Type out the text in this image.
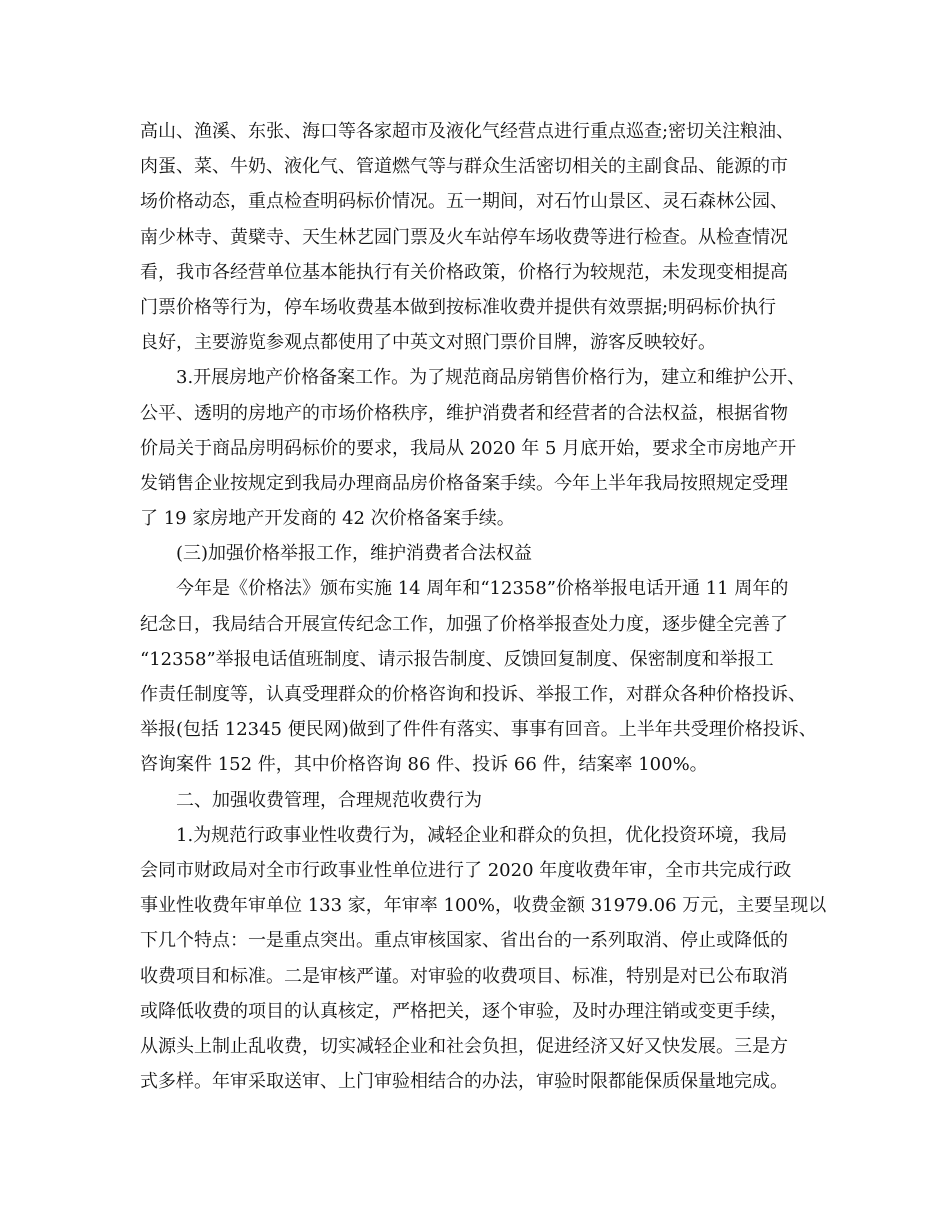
高山、渔溪、东张、海口等各家超市及液化气经营点进行重点巡查;密切关注粮油、
肉蛋、菜、牛奶、液化气、管道燃气等与群众生活密切相关的主副食品、能源的市
场价格动态，重点检查明码标价情况。五一期间，对石竹山景区、灵石森林公园、
南少林寺、黄檗寺、天生林艺园门票及火车站停车场收费等进行检查。从检查情况
看，我市各经营单位基本能执行有关价格政策，价格行为较规范，未发现变相提高
门票价格等行为，停车场收费基本做到按标准收费并提供有效票据;明码标价执行
良好，主要游览参观点都使用了中英文对照门票价目牌，游客反映较好。
3.开展房地产价格备案工作。为了规范商品房销售价格行为，建立和维护公开、
公平、透明的房地产的市场价格秩序，维护消费者和经营者的合法权益，根据省物
价局关于商品房明码标价的要求，我局从 2020 年 5 月底开始，要求全市房地产开
发销售企业按规定到我局办理商品房价格备案手续。今年上半年我局按照规定受理
了 19 家房地产开发商的 42 次价格备案手续。
(三)加强价格举报工作，维护消费者合法权益
今年是《价格法》颁布实施 14 周年和“12358”价格举报电话开通 11 周年的
纪念日，我局结合开展宣传纪念工作，加强了价格举报查处力度，逐步健全完善了
“12358”举报电话值班制度、请示报告制度、反馈回复制度、保密制度和举报工
作责任制度等，认真受理群众的价格咨询和投诉、举报工作，对群众各种价格投诉、
举报(包括 12345 便民网)做到了件件有落实、事事有回音。上半年共受理价格投诉、
咨询案件 152 件，其中价格咨询 86 件、投诉 66 件，结案率 100%。
二、加强收费管理，合理规范收费行为
1.为规范行政事业性收费行为，减轻企业和群众的负担，优化投资环境，我局
会同市财政局对全市行政事业性单位进行了 2020 年度收费年审，全市共完成行政
事业性收费年审单位 133 家，年审率 100%，收费金额 31979.06 万元，主要呈现以
下几个特点：一是重点突出。重点审核国家、省出台的一系列取消、停止或降低的
收费项目和标准。二是审核严谨。对审验的收费项目、标准，特别是对已公布取消
或降低收费的项目的认真核定，严格把关，逐个审验，及时办理注销或变更手续，
从源头上制止乱收费，切实减轻企业和社会负担，促进经济又好又快发展。三是方
式多样。年审采取送审、上门审验相结合的办法，审验时限都能保质保量地完成。
